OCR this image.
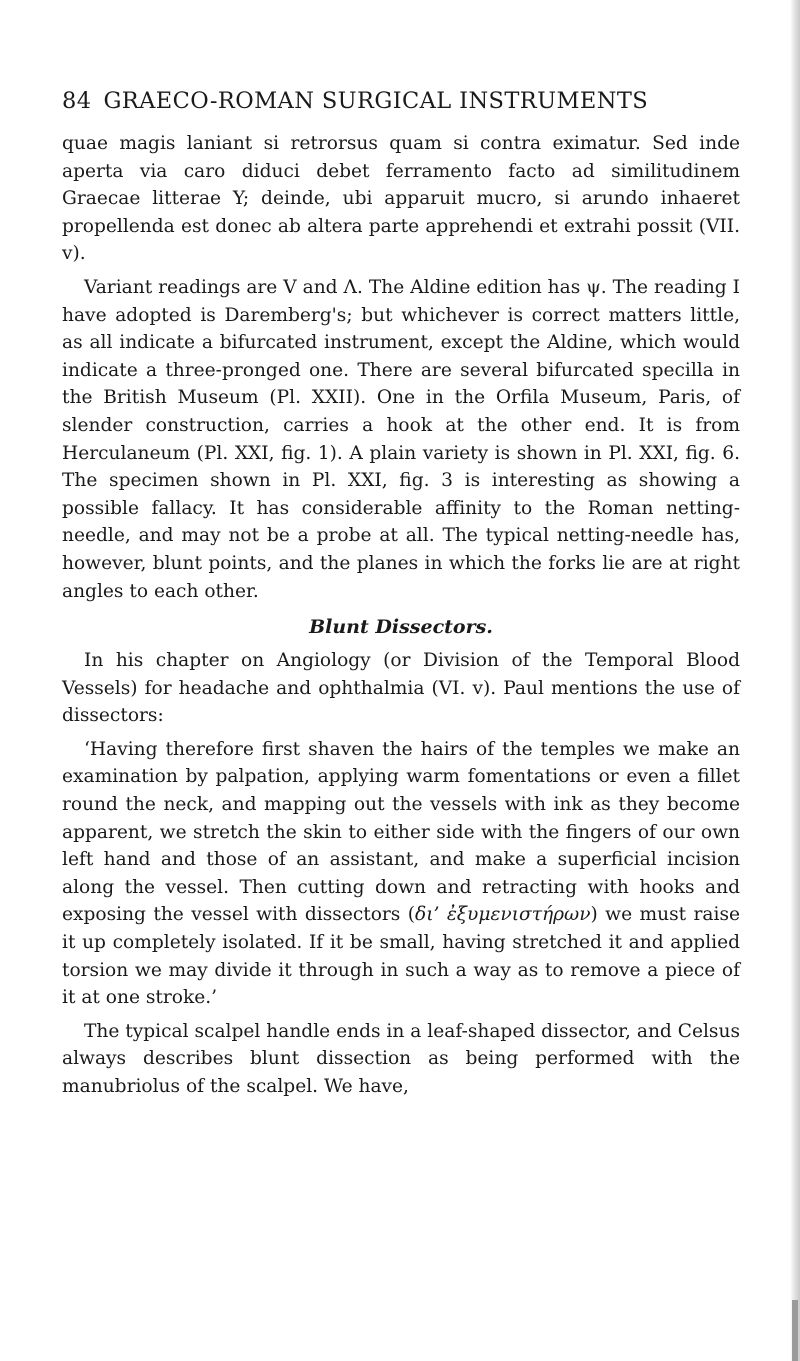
84 GRAECO-ROMAN SURGICAL INSTRUMENTS

quae magis laniant si retrorsus quam si contra eximatur. Sed inde aperta via caro diduci debet ferramento facto ad similitudinem Graecae litterae Y; deinde, ubi apparuit mucro, si arundo inhaeret propellenda est donec ab altera parte apprehendi et extrahi possit (VII. v).

Variant readings are V and Λ. The Aldine edition has ψ. The reading I have adopted is Daremberg's; but whichever is correct matters little, as all indicate a bifurcated instrument, except the Aldine, which would indicate a three-pronged one. There are several bifurcated specilla in the British Museum (Pl. XXII). One in the Orfila Museum, Paris, of slender construction, carries a hook at the other end. It is from Herculaneum (Pl. XXI, fig. 1). A plain variety is shown in Pl. XXI, fig. 6. The specimen shown in Pl. XXI, fig. 3 is interesting as showing a possible fallacy. It has considerable affinity to the Roman netting-needle, and may not be a probe at all. The typical netting-needle has, however, blunt points, and the planes in which the forks lie are at right angles to each other.

Blunt Dissectors.

In his chapter on Angiology (or Division of the Temporal Blood Vessels) for headache and ophthalmia (VI. v). Paul mentions the use of dissectors:

‘Having therefore first shaven the hairs of the temples we make an examination by palpation, applying warm fomentations or even a fillet round the neck, and mapping out the vessels with ink as they become apparent, we stretch the skin to either side with the fingers of our own left hand and those of an assistant, and make a superficial incision along the vessel. Then cutting down and retracting with hooks and exposing the vessel with dissectors (δι’ ἐξυμενιστήρων) we must raise it up completely isolated. If it be small, having stretched it and applied torsion we may divide it through in such a way as to remove a piece of it at one stroke.’

The typical scalpel handle ends in a leaf-shaped dissector, and Celsus always describes blunt dissection as being performed with the manubriolus of the scalpel. We have,
